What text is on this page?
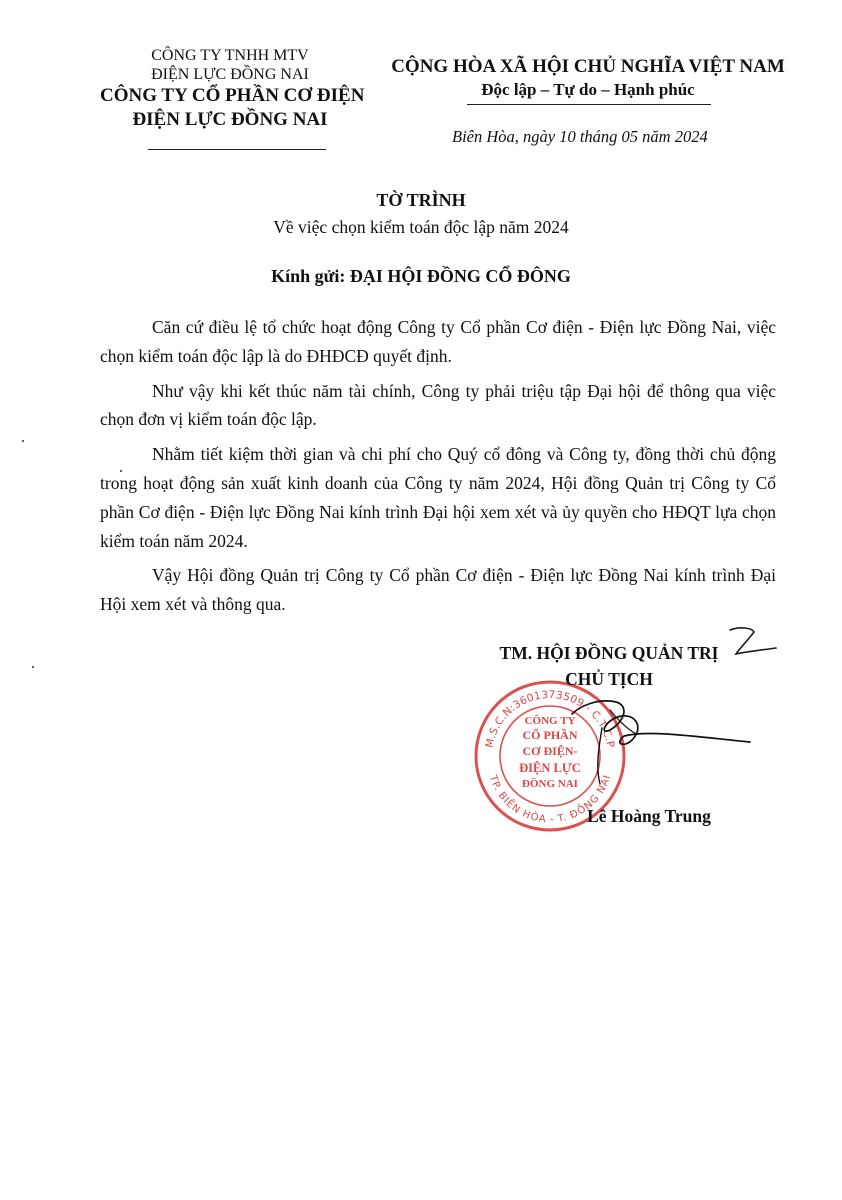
CÔNG TY TNHH MTV
ĐIỆN LỰC ĐỒNG NAI
CÔNG TY CỔ PHẦN CƠ ĐIỆN
ĐIỆN LỰC ĐỒNG NAI
CỘNG HÒA XÃ HỘI CHỦ NGHĨA VIỆT NAM
Độc lập – Tự do – Hạnh phúc
Biên Hòa, ngày 10 tháng 05 năm 2024
TỜ TRÌNH
Về việc chọn kiểm toán độc lập năm 2024
Kính gửi: ĐẠI HỘI ĐỒNG CỔ ĐÔNG

Căn cứ điều lệ tổ chức hoạt động Công ty Cổ phần Cơ điện - Điện lực Đồng Nai, việc chọn kiểm toán độc lập là do ĐHĐCĐ quyết định.

Như vậy khi kết thúc năm tài chính, Công ty phải triệu tập Đại hội để thông qua việc chọn đơn vị kiểm toán độc lập.

Nhằm tiết kiệm thời gian và chi phí cho Quý cổ đông và Công ty, đồng thời chủ động trong hoạt động sản xuất kinh doanh của Công ty năm 2024, Hội đồng Quản trị Công ty Cổ phần Cơ điện - Điện lực Đồng Nai kính trình Đại hội xem xét và ủy quyền cho HĐQT lựa chọn kiểm toán năm 2024.

Vậy Hội đồng Quản trị Công ty Cổ phần Cơ điện - Điện lực Đồng Nai kính trình Đại Hội xem xét và thông qua.

M.S.C.N:3601373509 - C.T.C.P
TP. BIÊN HÒA - T. ĐỒNG NAI
CÔNG TY
CỔ PHẦN
CƠ ĐIỆN-
ĐIỆN LỰC
ĐỒNG NAI
TM. HỘI ĐỒNG QUẢN TRỊ
CHỦ TỊCH
Lê Hoàng Trung
